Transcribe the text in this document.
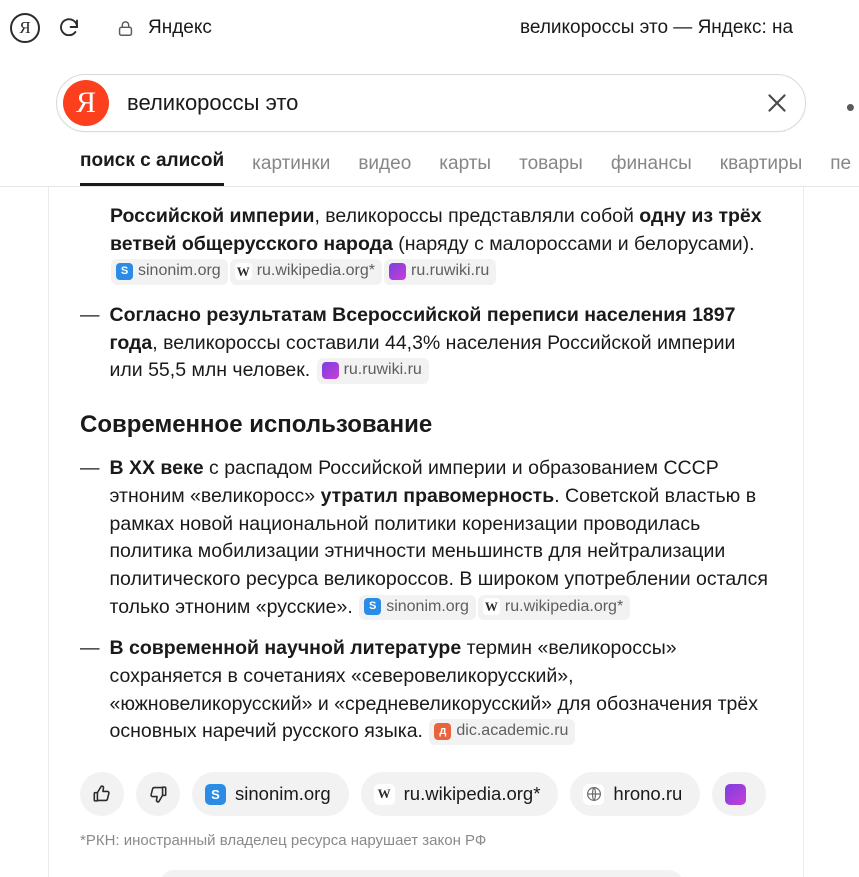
Я	Яндекс	великороссы это — Яндекс: на
Я
великороссы это	•
поиск с алисой картинки видео карты товары финансы квартиры пе
Российской империи, великороссы представляли собой одну из трёх ветвей общерусского народа (наряду с малороссами и белорусами).
S sinonim.org W ru.wikipedia.org* ru.ruwiki.ru
— Согласно результатам Всероссийской переписи населения 1897 года, великороссы составили 44,3% населения Российской империи или 55,5 млн человек. ru.ruwiki.ru
Современное использование
— В XX веке с распадом Российской империи и образованием СССР этноним «великоросс» утратил правомерность. Советской властью в рамках новой национальной политики коренизации проводилась политика мобилизации этничности меньшинств для нейтрализации политического ресурса великороссов. В широком употреблении остался только этноним «русские». S sinonim.org W ru.wikipedia.org*
— В современной научной литературе термин «великороссы» сохраняется в сочетаниях «северовеликорусский», «южновеликорусский» и «средневеликорусский» для обозначения трёх основных наречий русского языка.	д dic.academic.ru
S sinonim.org	W ru.wikipedia.org*	hrono.ru
*РКН: иностранный владелец ресурса нарушает закон РФ
